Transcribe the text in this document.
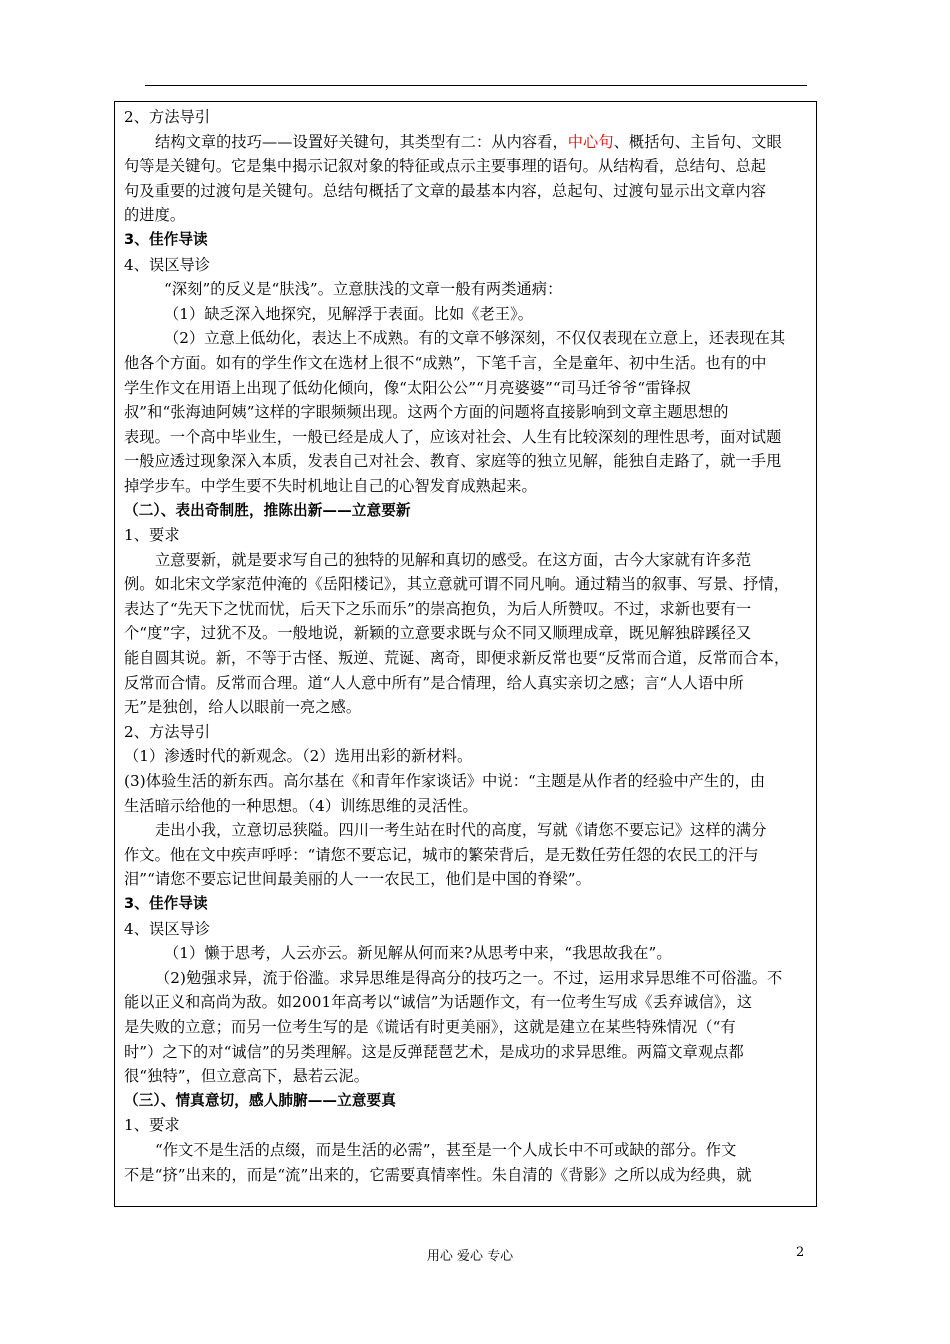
2、方法导引
结构文章的技巧——设置好关键句，其类型有二：从内容看，中心句、概括句、主旨句、文眼
句等是关键句。它是集中揭示记叙对象的特征或点示主要事理的语句。从结构看，总结句、总起
句及重要的过渡句是关键句。总结句概括了文章的最基本内容，总起句、过渡句显示出文章内容
的进度。
3、佳作导读
4、误区导诊
“深刻”的反义是“肤浅”。立意肤浅的文章一般有两类通病：
（1）缺乏深入地探究，见解浮于表面。比如《老王》。
（2）立意上低幼化，表达上不成熟。有的文章不够深刻，不仅仅表现在立意上，还表现在其
他各个方面。如有的学生作文在选材上很不“成熟”，下笔千言，全是童年、初中生活。也有的中
学生作文在用语上出现了低幼化倾向，像“太阳公公”“月亮婆婆”“司马迁爷爷“雷锋叔
叔”和“张海迪阿姨”这样的字眼频频出现。这两个方面的问题将直接影响到文章主题思想的
表现。一个高中毕业生，一般已经是成人了，应该对社会、人生有比较深刻的理性思考，面对试题
一般应透过现象深入本质，发表自己对社会、教育、家庭等的独立见解，能独自走路了，就一手甩
掉学步车。中学生要不失时机地让自己的心智发育成熟起来。
（二）、表出奇制胜，推陈出新——立意要新
1、要求
立意要新，就是要求写自己的独特的见解和真切的感受。在这方面，古今大家就有许多范
例。如北宋文学家范仲淹的《岳阳楼记》，其立意就可谓不同凡响。通过精当的叙事、写景、抒情，
表达了“先天下之忧而忧，后天下之乐而乐”的崇高抱负，为后人所赞叹。不过，求新也要有一
个“度”字，过犹不及。一般地说，新颖的立意要求既与众不同又顺理成章，既见解独辟蹊径又
能自圆其说。新，不等于古怪、叛逆、荒诞、离奇，即便求新反常也要“反常而合道，反常而合本，
反常而合情。反常而合理。道“人人意中所有”是合情理，给人真实亲切之感；言“人人语中所
无”是独创，给人以眼前一亮之感。
2、方法导引
（1）渗透时代的新观念。（2）选用出彩的新材料。
(3)体验生活的新东西。高尔基在《和青年作家谈话》中说：“主题是从作者的经验中产生的，由
生活暗示给他的一种思想。（4）训练思维的灵活性。
走出小我，立意切忌狭隘。四川一考生站在时代的高度，写就《请您不要忘记》这样的满分
作文。他在文中疾声呼呼：“请您不要忘记，城市的繁荣背后，是无数任劳任怨的农民工的汗与
泪”“请您不要忘记世间最美丽的人一一农民工，他们是中国的脊梁”。
3、佳作导读
4、误区导诊
（1）懒于思考，人云亦云。新见解从何而来?从思考中来，“我思故我在”。
（2)勉强求异，流于俗滥。求异思维是得高分的技巧之一。不过，运用求异思维不可俗滥。不
能以正义和高尚为敌。如2001年高考以“诚信”为话题作文，有一位考生写成《丢弃诚信》，这
是失败的立意；而另一位考生写的是《谎话有时更美丽》，这就是建立在某些特殊情况（“有
时”）之下的对“诚信”的另类理解。这是反弹琵琶艺术，是成功的求异思维。两篇文章观点都
很“独特”，但立意高下，悬若云泥。
（三）、情真意切，感人肺腑——立意要真
1、要求
“作文不是生活的点缀，而是生活的必需”，甚至是一个人成长中不可或缺的部分。作文
不是“挤”出来的，而是“流”出来的，它需要真情率性。朱自清的《背影》之所以成为经典，就
用心 爱心 专心	2
